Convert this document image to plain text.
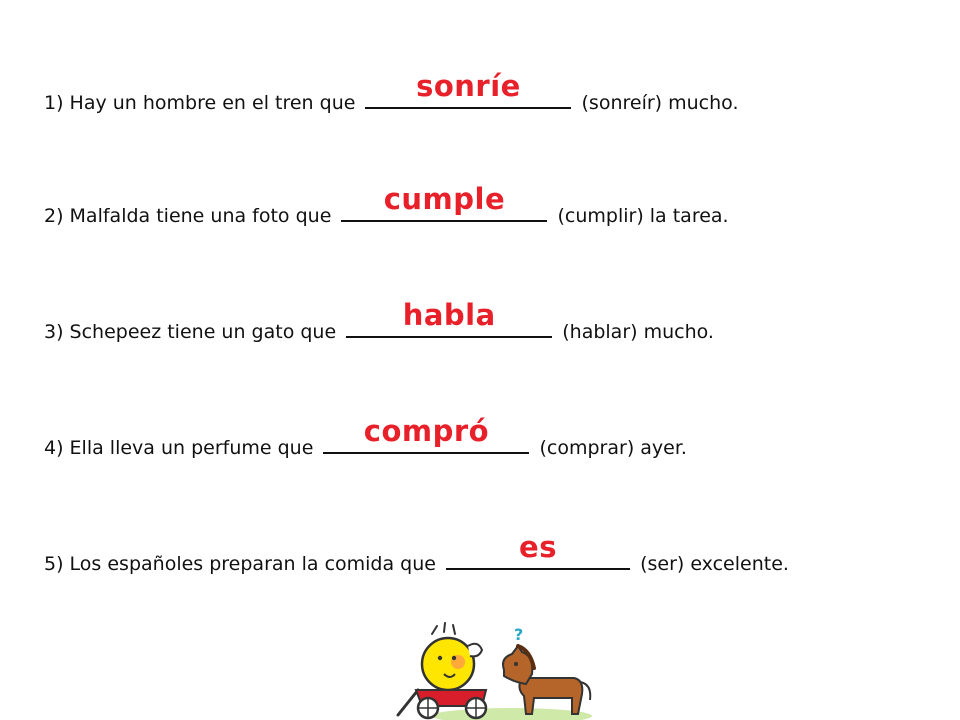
1) Hay un hombre en el tren que	sonríe	(sonreír) mucho.
2) Malfalda tiene una foto que	cumple	(cumplir) la tarea.
3) Schepeez tiene un gato que	habla	(hablar) mucho.
4) Ella lleva un perfume que	compró	(comprar) ayer.
5) Los españoles preparan la comida que	es	(ser) excelente.
?
